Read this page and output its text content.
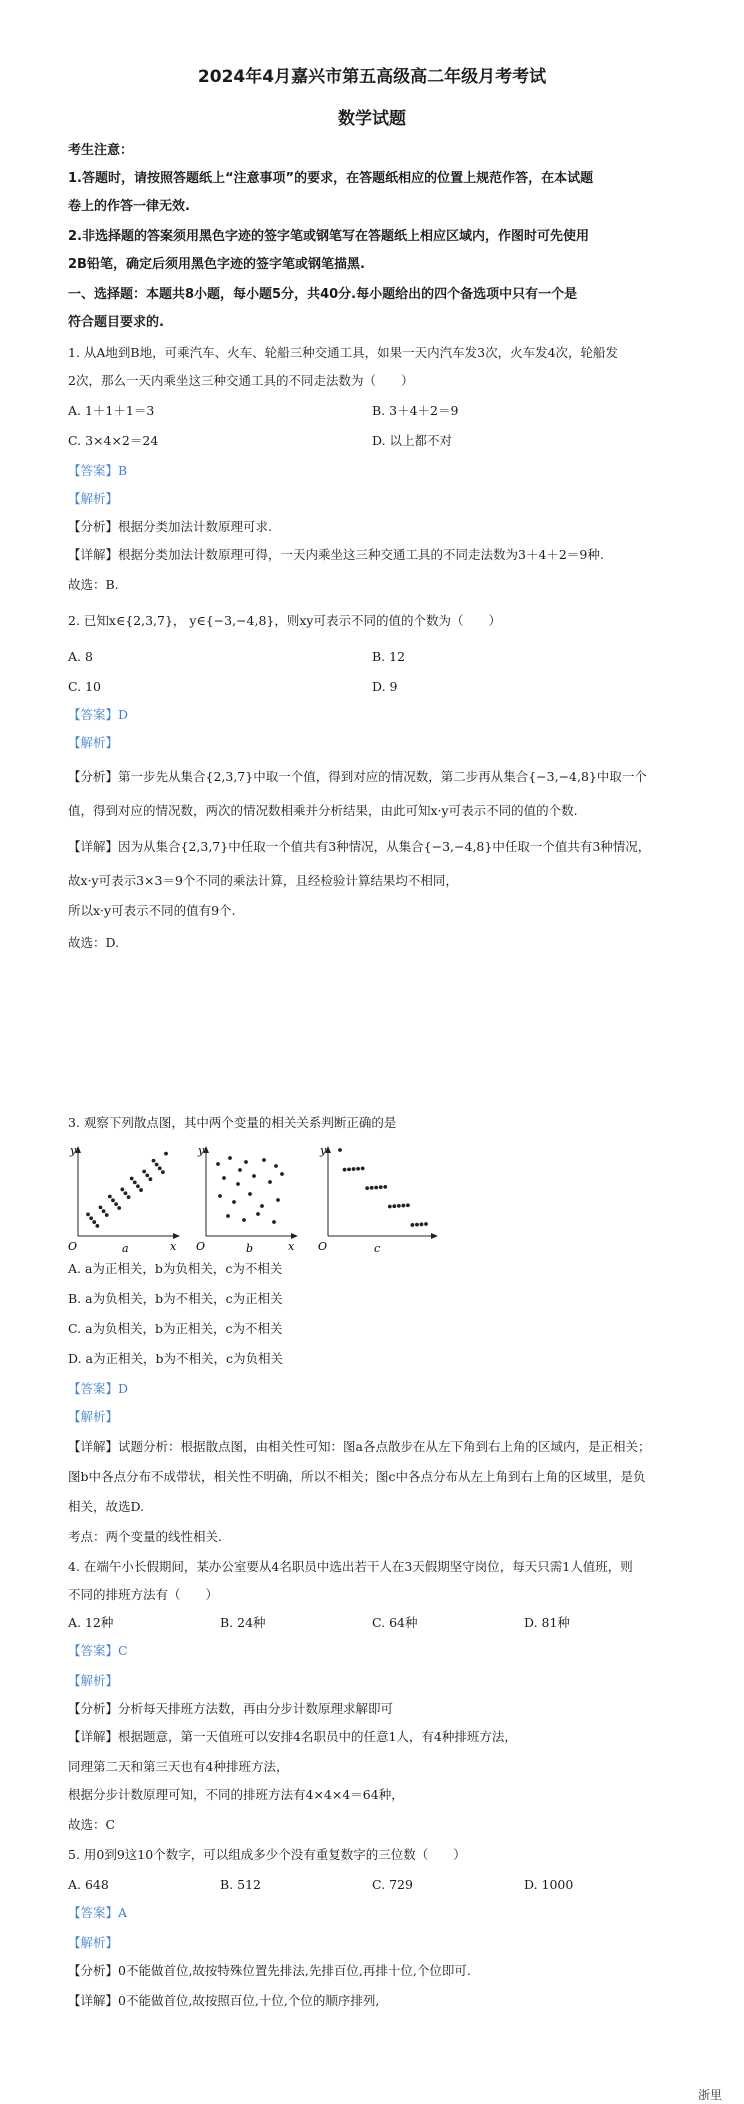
2024年4月嘉兴市第五高级高二年级月考考试
数学试题
考生注意：
1.答题时，请按照答题纸上“注意事项”的要求，在答题纸相应的位置上规范作答，在本试题
卷上的作答一律无效.
2.非选择题的答案须用黑色字迹的签字笔或钢笔写在答题纸上相应区域内，作图时可先使用
2B铅笔，确定后须用黑色字迹的签字笔或钢笔描黑.
一、选择题：本题共8小题，每小题5分，共40分.每小题给出的四个备选项中只有一个是
符合题目要求的.
1. 从A地到B地，可乘汽车、火车、轮船三种交通工具，如果一天内汽车发3次，火车发4次，轮船发
2次，那么一天内乘坐这三种交通工具的不同走法数为（　　）
A. 1＋1＋1＝3	B. 3＋4＋2＝9
C. 3×4×2＝24	D. 以上都不对
【答案】B
【解析】
【分析】根据分类加法计数原理可求.
【详解】根据分类加法计数原理可得，一天内乘坐这三种交通工具的不同走法数为3＋4＋2＝9种.
故选：B.
2. 已知x∈{2,3,7}， y∈{−3,−4,8}，则xy可表示不同的值的个数为（　　）
A. 8	B. 12
C. 10	D. 9
【答案】D
【解析】
【分析】第一步先从集合{2,3,7}中取一个值，得到对应的情况数，第二步再从集合{−3,−4,8}中取一个
值，得到对应的情况数，两次的情况数相乘并分析结果，由此可知x·y可表示不同的值的个数.
【详解】因为从集合{2,3,7}中任取一个值共有3种情况，从集合{−3,−4,8}中任取一个值共有3种情况，
故x·y可表示3×3＝9个不同的乘法计算，且经检验计算结果均不相同，
所以x·y可表示不同的值有9个.
故选：D.
3. 观察下列散点图，其中两个变量的相关关系判断正确的是
y
x
O	a
y
x
O	b
y
O	c
A. a为正相关，b为负相关，c为不相关
B. a为负相关，b为不相关，c为正相关
C. a为负相关，b为正相关，c为不相关
D. a为正相关，b为不相关，c为负相关
【答案】D
【解析】
【详解】试题分析：根据散点图，由相关性可知：图a各点散步在从左下角到右上角的区域内，是正相关；
图b中各点分布不成带状，相关性不明确，所以不相关；图c中各点分布从左上角到右上角的区域里，是负
相关，故选D.
考点：两个变量的线性相关.
4. 在端午小长假期间，某办公室要从4名职员中选出若干人在3天假期坚守岗位，每天只需1人值班，则
不同的排班方法有（　　）
A. 12种	B. 24种	C. 64种	D. 81种
【答案】C
【解析】
【分析】分析每天排班方法数，再由分步计数原理求解即可
【详解】根据题意，第一天值班可以安排4名职员中的任意1人，有4种排班方法，
同理第二天和第三天也有4种排班方法，
根据分步计数原理可知，不同的排班方法有4×4×4＝64种，
故选：C
5. 用0到9这10个数字，可以组成多少个没有重复数字的三位数（　　）
A. 648	B. 512	C. 729	D. 1000
【答案】A
【解析】
【分析】0不能做首位,故按特殊位置先排法,先排百位,再排十位,个位即可.
【详解】0不能做首位,故按照百位,十位,个位的顺序排列,
浙里
